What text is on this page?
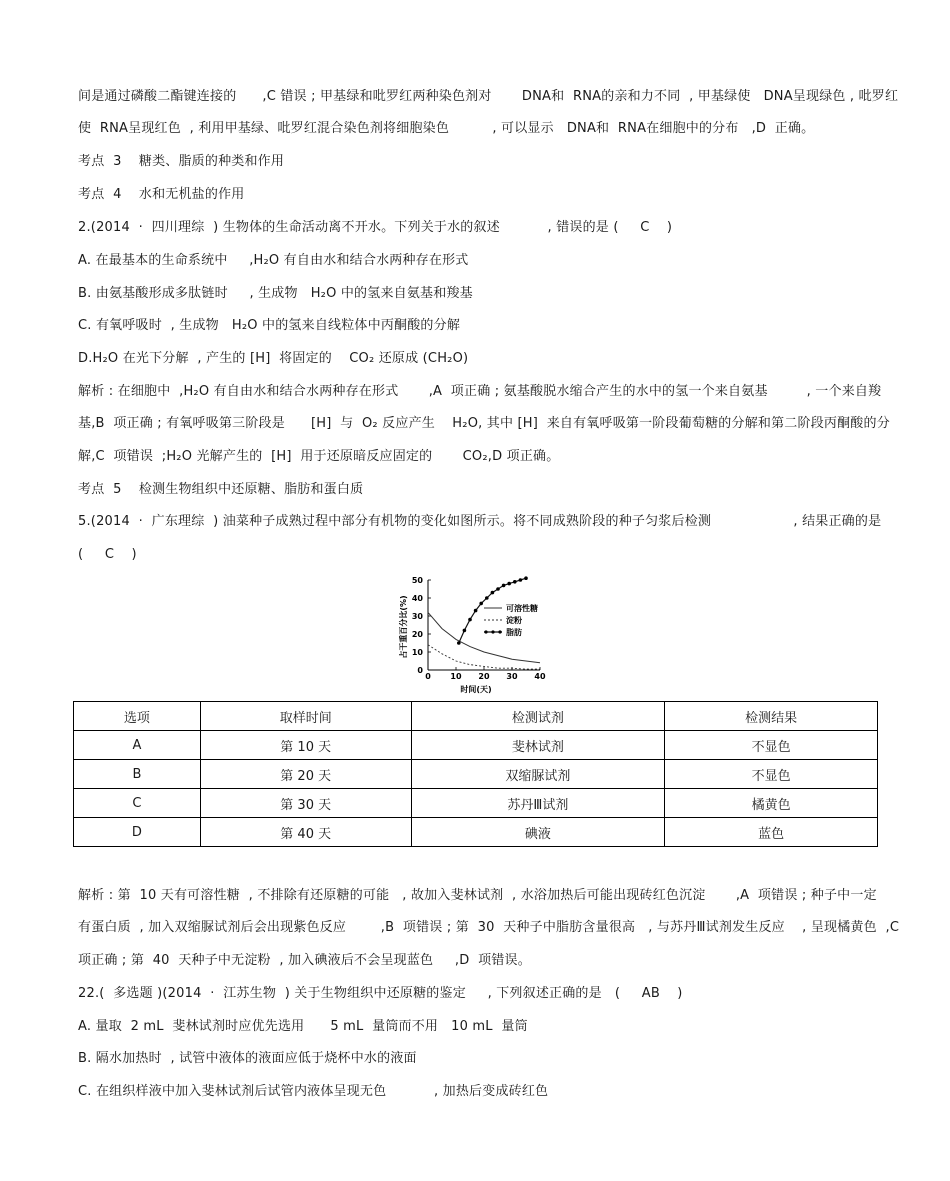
间是通过磷酸二酯键连接的      ,C 错误 ; 甲基绿和吡罗红两种染色剂对       DNA和  RNA的亲和力不同  , 甲基绿使   DNA呈现绿色 , 吡罗红
使  RNA呈现红色  , 利用甲基绿、吡罗红混合染色剂将细胞染色          , 可以显示   DNA和  RNA在细胞中的分布   ,D  正确。
考点  3    糖类、脂质的种类和作用
考点  4    水和无机盐的作用
2.(2014  ·  四川理综  ) 生物体的生命活动离不开水。下列关于水的叙述           , 错误的是 (     C    )
A. 在最基本的生命系统中     ,H₂O 有自由水和结合水两种存在形式
B. 由氨基酸形成多肽链时     , 生成物   H₂O 中的氢来自氨基和羧基
C. 有氧呼吸时  , 生成物   H₂O 中的氢来自线粒体中丙酮酸的分解
D.H₂O 在光下分解  , 产生的 [H]  将固定的    CO₂ 还原成 (CH₂O)
解析 : 在细胞中  ,H₂O 有自由水和结合水两种存在形式       ,A  项正确 ; 氨基酸脱水缩合产生的水中的氢一个来自氨基         , 一个来自羧
基,B  项正确 ; 有氧呼吸第三阶段是      [H]  与  O₂ 反应产生    H₂O, 其中 [H]  来自有氧呼吸第一阶段葡萄糖的分解和第二阶段丙酮酸的分
解,C  项错误  ;H₂O 光解产生的  [H]  用于还原暗反应固定的       CO₂,D 项正确。
考点  5    检测生物组织中还原糖、脂肪和蛋白质
5.(2014  ·  广东理综  ) 油菜种子成熟过程中部分有机物的变化如图所示。将不同成熟阶段的种子匀浆后检测                   , 结果正确的是
(     C    )
占干重百分比(%)
时间(天)
0 10 20 30 40
0
10
20
30
40
50
可溶性糖
淀粉
脂肪
选项	取样时间	检测试剂	检测结果
A	第 10 天	斐林试剂	不显色
B	第 20 天	双缩脲试剂	不显色
C	第 30 天	苏丹Ⅲ试剂	橘黄色
D	第 40 天	碘液	蓝色
解析 : 第  10 天有可溶性糖  , 不排除有还原糖的可能   , 故加入斐林试剂  , 水浴加热后可能出现砖红色沉淀       ,A  项错误 ; 种子中一定
有蛋白质  , 加入双缩脲试剂后会出现紫色反应        ,B  项错误 ; 第  30  天种子中脂肪含量很高   , 与苏丹Ⅲ试剂发生反应    , 呈现橘黄色  ,C
项正确 ; 第  40  天种子中无淀粉  , 加入碘液后不会呈现蓝色     ,D  项错误。
22.(  多选题 )(2014  ·  江苏生物  ) 关于生物组织中还原糖的鉴定     , 下列叙述正确的是   (     AB    )
A. 量取  2 mL  斐林试剂时应优先选用      5 mL  量筒而不用   10 mL  量筒
B. 隔水加热时  , 试管中液体的液面应低于烧杯中水的液面
C. 在组织样液中加入斐林试剂后试管内液体呈现无色           , 加热后变成砖红色
